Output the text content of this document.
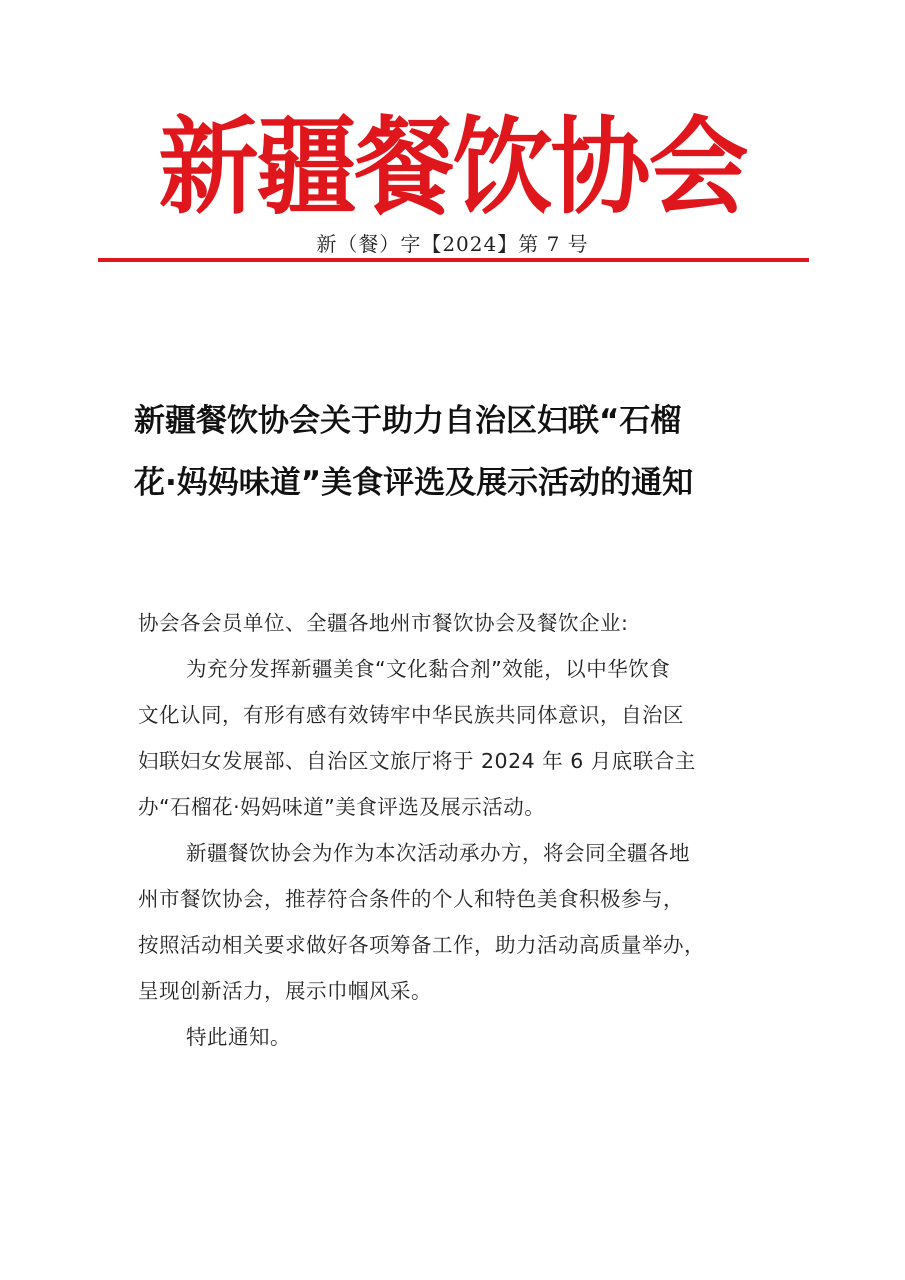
新疆餐饮协会
新（餐）字【2024】第 7 号
新疆餐饮协会关于助力自治区妇联“石榴
花·妈妈味道”美食评选及展示活动的通知

协会各会员单位、全疆各地州市餐饮协会及餐饮企业:

为充分发挥新疆美食“文化黏合剂”效能，以中华饮食

文化认同，有形有感有效铸牢中华民族共同体意识，自治区

妇联妇女发展部、自治区文旅厅将于 2024 年 6 月底联合主

办“石榴花·妈妈味道”美食评选及展示活动。

新疆餐饮协会为作为本次活动承办方，将会同全疆各地

州市餐饮协会，推荐符合条件的个人和特色美食积极参与，

按照活动相关要求做好各项筹备工作，助力活动高质量举办，

呈现创新活力，展示巾帼风采。

特此通知。
